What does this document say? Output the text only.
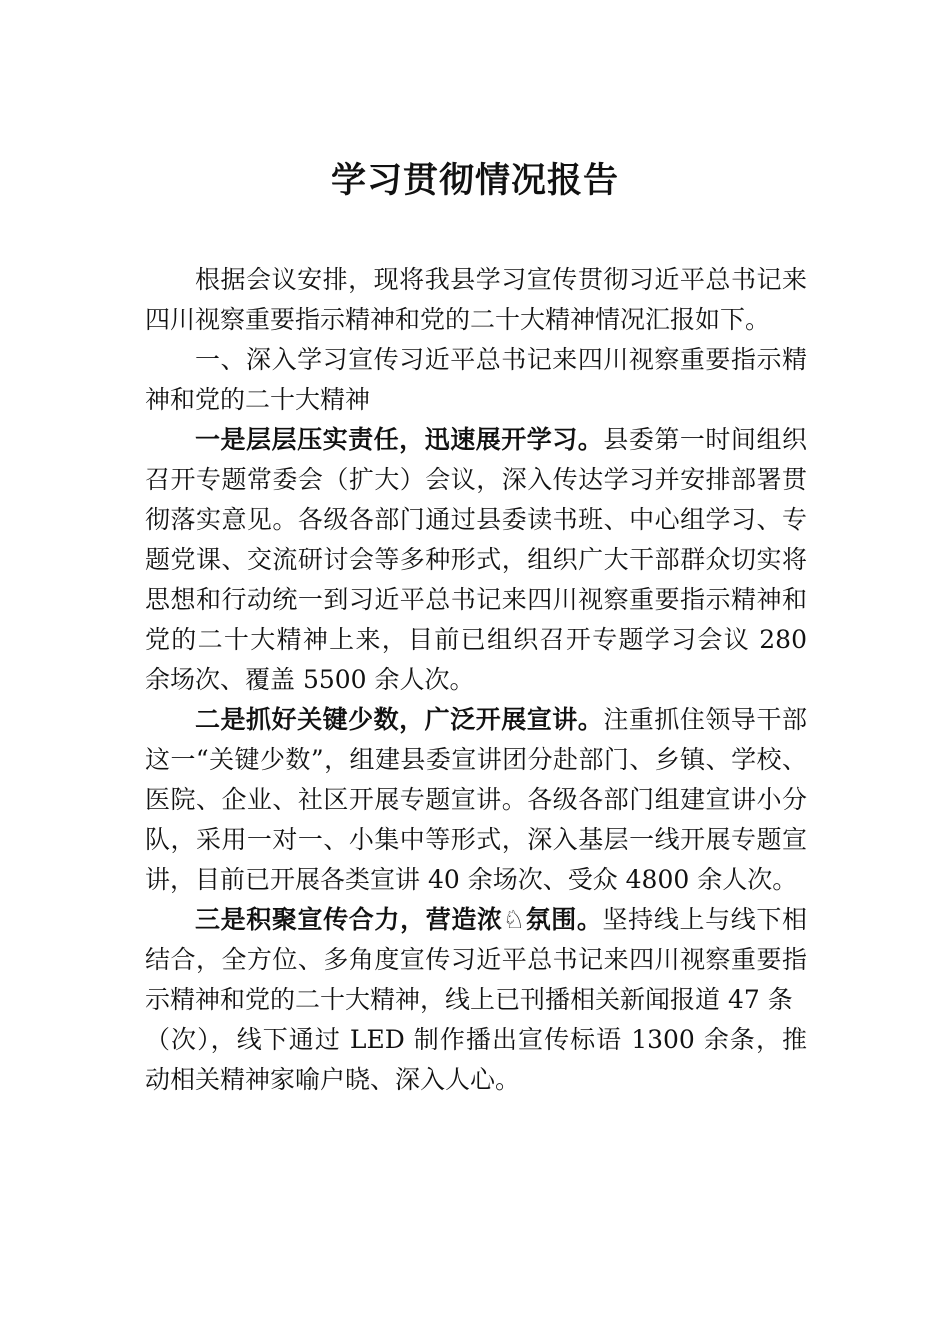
学习贯彻情况报告

根据会议安排，现将我县学习宣传贯彻习近平总书记来四川视察重要指示精神和党的二十大精神情况汇报如下。

一、深入学习宣传习近平总书记来四川视察重要指示精神和党的二十大精神

一是层层压实责任，迅速展开学习。县委第一时间组织召开专题常委会（扩大）会议，深入传达学习并安排部署贯彻落实意见。各级各部门通过县委读书班、中心组学习、专题党课、交流研讨会等多种形式，组织广大干部群众切实将思想和行动统一到习近平总书记来四川视察重要指示精神和党的二十大精神上来，目前已组织召开专题学习会议 280 余场次、覆盖 5500 余人次。

二是抓好关键少数，广泛开展宣讲。注重抓住领导干部这一“关键少数”，组建县委宣讲团分赴部门、乡镇、学校、医院、企业、社区开展专题宣讲。各级各部门组建宣讲小分队，采用一对一、小集中等形式，深入基层一线开展专题宣讲，目前已开展各类宣讲 40 余场次、受众 4800 余人次。

三是积聚宣传合力，营造浓♘氛围。坚持线上与线下相结合，全方位、多角度宣传习近平总书记来四川视察重要指示精神和党的二十大精神，线上已刊播相关新闻报道 47 条

（次），线下通过 LED 制作播出宣传标语 1300 余条，推动相关精神家喻户晓、深入人心。
